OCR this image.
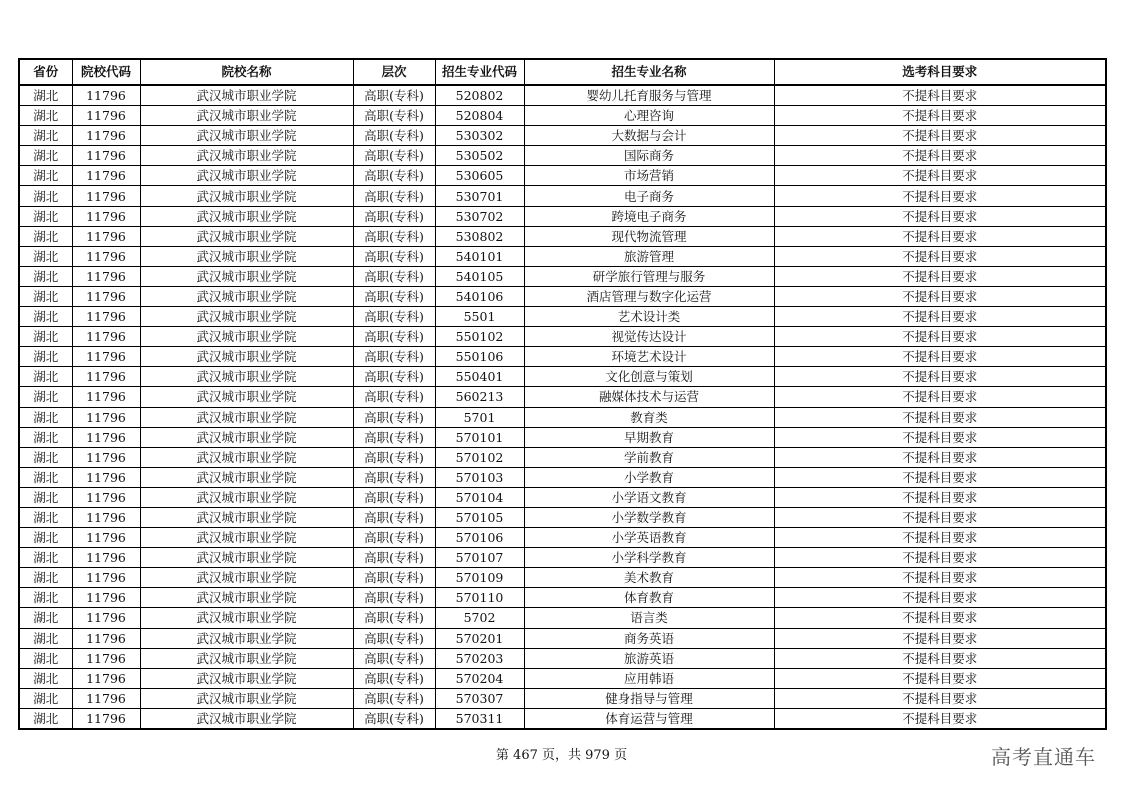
省份	院校代码	院校名称	层次	招生专业代码	招生专业名称	选考科目要求
湖北	11796	武汉城市职业学院	高职(专科)	520802	婴幼儿托育服务与管理	不提科目要求
湖北	11796	武汉城市职业学院	高职(专科)	520804	心理咨询	不提科目要求
湖北	11796	武汉城市职业学院	高职(专科)	530302	大数据与会计	不提科目要求
湖北	11796	武汉城市职业学院	高职(专科)	530502	国际商务	不提科目要求
湖北	11796	武汉城市职业学院	高职(专科)	530605	市场营销	不提科目要求
湖北	11796	武汉城市职业学院	高职(专科)	530701	电子商务	不提科目要求
湖北	11796	武汉城市职业学院	高职(专科)	530702	跨境电子商务	不提科目要求
湖北	11796	武汉城市职业学院	高职(专科)	530802	现代物流管理	不提科目要求
湖北	11796	武汉城市职业学院	高职(专科)	540101	旅游管理	不提科目要求
湖北	11796	武汉城市职业学院	高职(专科)	540105	研学旅行管理与服务	不提科目要求
湖北	11796	武汉城市职业学院	高职(专科)	540106	酒店管理与数字化运营	不提科目要求
湖北	11796	武汉城市职业学院	高职(专科)	5501	艺术设计类	不提科目要求
湖北	11796	武汉城市职业学院	高职(专科)	550102	视觉传达设计	不提科目要求
湖北	11796	武汉城市职业学院	高职(专科)	550106	环境艺术设计	不提科目要求
湖北	11796	武汉城市职业学院	高职(专科)	550401	文化创意与策划	不提科目要求
湖北	11796	武汉城市职业学院	高职(专科)	560213	融媒体技术与运营	不提科目要求
湖北	11796	武汉城市职业学院	高职(专科)	5701	教育类	不提科目要求
湖北	11796	武汉城市职业学院	高职(专科)	570101	早期教育	不提科目要求
湖北	11796	武汉城市职业学院	高职(专科)	570102	学前教育	不提科目要求
湖北	11796	武汉城市职业学院	高职(专科)	570103	小学教育	不提科目要求
湖北	11796	武汉城市职业学院	高职(专科)	570104	小学语文教育	不提科目要求
湖北	11796	武汉城市职业学院	高职(专科)	570105	小学数学教育	不提科目要求
湖北	11796	武汉城市职业学院	高职(专科)	570106	小学英语教育	不提科目要求
湖北	11796	武汉城市职业学院	高职(专科)	570107	小学科学教育	不提科目要求
湖北	11796	武汉城市职业学院	高职(专科)	570109	美术教育	不提科目要求
湖北	11796	武汉城市职业学院	高职(专科)	570110	体育教育	不提科目要求
湖北	11796	武汉城市职业学院	高职(专科)	5702	语言类	不提科目要求
湖北	11796	武汉城市职业学院	高职(专科)	570201	商务英语	不提科目要求
湖北	11796	武汉城市职业学院	高职(专科)	570203	旅游英语	不提科目要求
湖北	11796	武汉城市职业学院	高职(专科)	570204	应用韩语	不提科目要求
湖北	11796	武汉城市职业学院	高职(专科)	570307	健身指导与管理	不提科目要求
湖北	11796	武汉城市职业学院	高职(专科)	570311	体育运营与管理	不提科目要求
第 467 页，共 979 页	高考直通车
